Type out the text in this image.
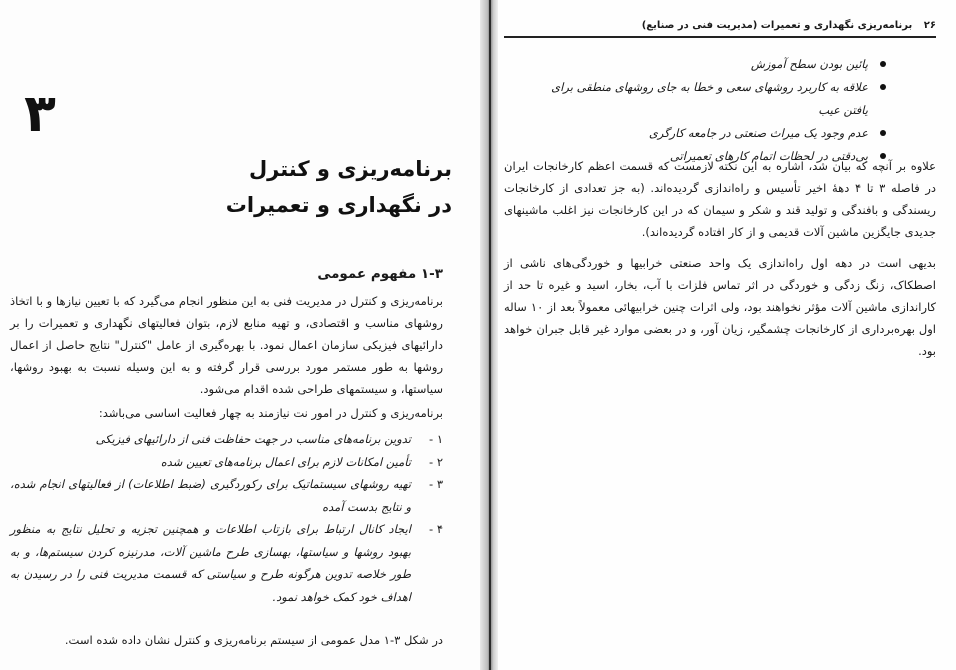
۳
برنامه‌ریزی و کنترل
در نگهداری و تعمیرات
۱-۳ مفهوم عمومی

برنامه‌ریزی و کنترل در مدیریت فنی به این منظور انجام می‌گیرد که با تعیین نیازها و با اتخاذ روشهای مناسب و اقتصادی، و تهیه منابع لازم، بتوان فعالیتهای نگهداری و تعمیرات را بر دارائیهای فیزیکی سازمان اعمال نمود. با بهره‌گیری از عامل "کنترل" نتایج حاصل از اعمال روشها به طور مستمر مورد بررسی قرار گرفته و به این وسیله نسبت به بهبود روشها، سیاستها، و سیستمهای طراحی شده اقدام می‌شود.

برنامه‌ریزی و کنترل در امور نت نیازمند به چهار فعالیت اساسی می‌باشد:

۱ -
تدوین برنامه‌های مناسب در جهت حفاظت فنی از دارائیهای فیزیکی
۲ -
تأمین امکانات لازم برای اعمال برنامه‌های تعیین شده
۳ -
تهیه روشهای سیستماتیک برای رکوردگیری (ضبط اطلاعات) از فعالیتهای انجام شده، و نتایج بدست آمده
۴ -
ایجاد کانال ارتباط برای بازتاب اطلاعات و همچنین تجزیه و تحلیل نتایج به منظور بهبود روشها و سیاستها، بهسازی طرح ماشین آلات، مدرنیزه کردن سیستم‌ها، و به طور خلاصه تدوین هرگونه طرح و سیاستی که قسمت مدیریت فنی را در رسیدن به اهداف خود کمک خواهد نمود.

در شکل ۳-۱ مدل عمومی از سیستم برنامه‌ریزی و کنترل نشان داده شده است.

۲۶ برنامه‌ریزی نگهداری و تعمیرات (مدیریت فنی در صنایع)
پائین بودن سطح آموزش
علاقه به کاربرد روشهای سعی و خطا به جای روشهای منطقی برای یافتن عیب
عدم وجود یک میراث صنعتی در جامعه کارگری
بی‌دقتی در لحظات اتمام کارهای تعمیراتی

علاوه بر آنچه که بیان شد، اشاره به این نکته لازمست که قسمت اعظم کارخانجات ایران در فاصله ۳ تا ۴ دههٔ اخیر تأسیس و راه‌اندازی گردیده‌اند. (به جز تعدادی از کارخانجات ریسندگی و بافندگی و تولید قند و شکر و سیمان که در این کارخانجات نیز اغلب ماشینهای جدیدی جایگزین ماشین آلات قدیمی و از کار افتاده گردیده‌اند).

بدیهی است در دهه اول راه‌اندازی یک واحد صنعتی خرابیها و خوردگی‌های ناشی از اصطکاک، زنگ زدگی و خوردگی در اثر تماس فلزات با آب، بخار، اسید و غیره تا حد از کاراندازی ماشین آلات مؤثر نخواهند بود، ولی اثرات چنین خرابیهائی معمولاً بعد از ۱۰ ساله اول بهره‌برداری از کارخانجات چشمگیر، زیان آور، و در بعضی موارد غیر قابل جبران خواهد بود.
